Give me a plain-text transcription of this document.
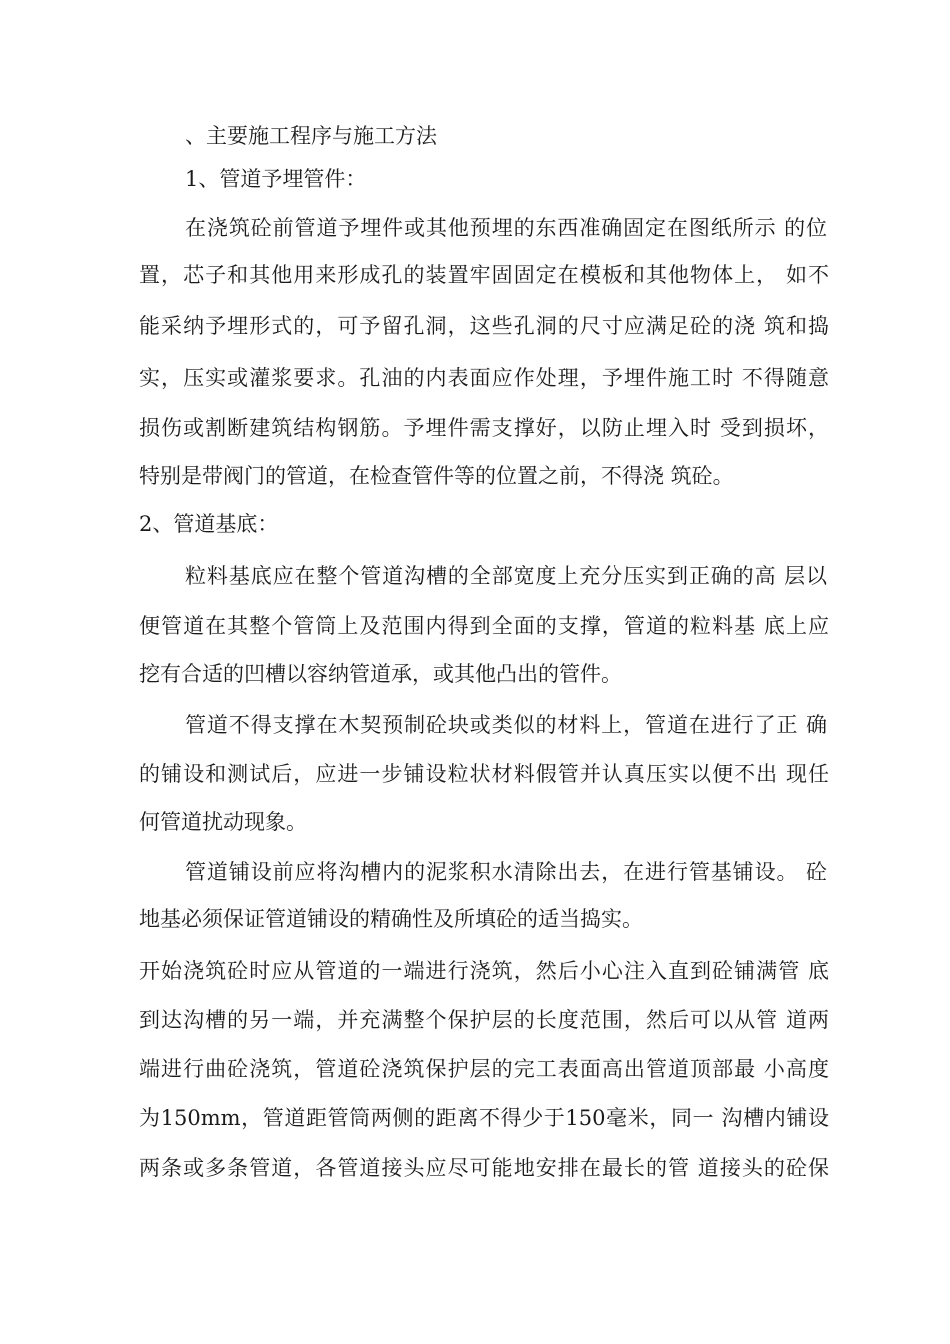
、主要施工程序与施工方法
1、管道予埋管件：
在浇筑砼前管道予埋件或其他预埋的东西准确固定在图纸所示 的位
置，芯子和其他用来形成孔的装置牢固固定在模板和其他物体上， 如不
能采纳予埋形式的，可予留孔洞，这些孔洞的尺寸应满足砼的浇 筑和捣
实，压实或灌浆要求。孔油的内表面应作处理，予埋件施工时 不得随意
损伤或割断建筑结构钢筋。予埋件需支撑好，以防止埋入时 受到损坏，
特别是带阀门的管道，在检查管件等的位置之前，不得浇 筑砼。
2、管道基底：
粒料基底应在整个管道沟槽的全部宽度上充分压实到正确的高 层以
便管道在其整个管筒上及范围内得到全面的支撑，管道的粒料基 底上应
挖有合适的凹槽以容纳管道承，或其他凸出的管件。
管道不得支撑在木契预制砼块或类似的材料上，管道在进行了正 确
的铺设和测试后，应进一步铺设粒状材料假管并认真压实以便不出 现任
何管道扰动现象。
管道铺设前应将沟槽内的泥浆积水清除出去，在进行管基铺设。 砼
地基必须保证管道铺设的精确性及所填砼的适当捣实。
开始浇筑砼时应从管道的一端进行浇筑，然后小心注入直到砼铺满管 底
到达沟槽的另一端，并充满整个保护层的长度范围，然后可以从管 道两
端进行曲砼浇筑，管道砼浇筑保护层的完工表面高出管道顶部最 小高度
为150mm，管道距管筒两侧的距离不得少于150毫米，同一 沟槽内铺设
两条或多条管道，各管道接头应尽可能地安排在最长的管 道接头的砼保
